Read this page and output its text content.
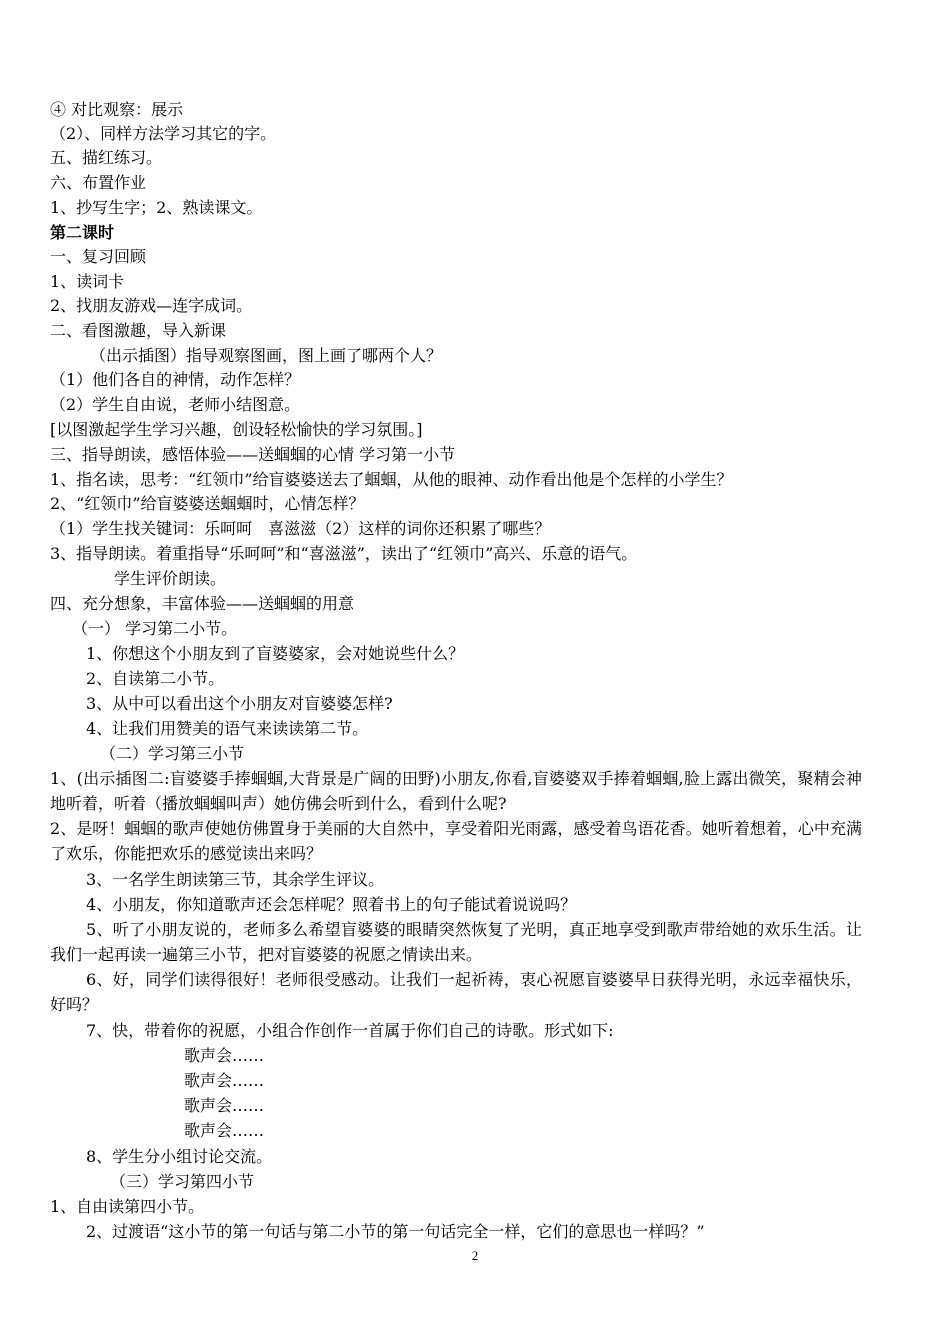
④ 对比观察：展示
（2）、同样方法学习其它的字。
五、描红练习。
六、布置作业
1、抄写生字；2、熟读课文。
第二课时
一、复习回顾
1、读词卡
2、找朋友游戏—连字成词。
二、看图激趣，导入新课
（出示插图）指导观察图画，图上画了哪两个人？
（1）他们各自的神情，动作怎样？
（2）学生自由说，老师小结图意。
[以图激起学生学习兴趣，创设轻松愉快的学习氛围。]
三、指导朗读，感悟体验——送蝈蝈的心情 学习第一小节
1、指名读，思考：“红领巾”给盲婆婆送去了蝈蝈，从他的眼神、动作看出他是个怎样的小学生？
2、“红领巾”给盲婆婆送蝈蝈时，心情怎样？
（1）学生找关键词：乐呵呵　喜滋滋（2）这样的词你还积累了哪些？
3、指导朗读。着重指导“乐呵呵”和“喜滋滋”，读出了“红领巾”高兴、乐意的语气。
学生评价朗读。
四、充分想象，丰富体验——送蝈蝈的用意
（一） 学习第二小节。
1、你想这个小朋友到了盲婆婆家，会对她说些什么？
2、自读第二小节。
3、从中可以看出这个小朋友对盲婆婆怎样?
4、让我们用赞美的语气来读读第二节。
（二）学习第三小节
1、(出示插图二:盲婆婆手捧蝈蝈,大背景是广阔的田野)小朋友,你看,盲婆婆双手捧着蝈蝈,脸上露出微笑，聚精会神地听着，听着（播放蝈蝈叫声）她仿佛会听到什么，看到什么呢?
2、是呀！蝈蝈的歌声使她仿佛置身于美丽的大自然中，享受着阳光雨露，感受着鸟语花香。她听着想着，心中充满了欢乐，你能把欢乐的感觉读出来吗？
3、一名学生朗读第三节，其余学生评议。
4、小朋友，你知道歌声还会怎样呢？照着书上的句子能试着说说吗？
5、听了小朋友说的，老师多么希望盲婆婆的眼睛突然恢复了光明，真正地享受到歌声带给她的欢乐生活。让我们一起再读一遍第三小节，把对盲婆婆的祝愿之情读出来。
6、好，同学们读得很好！老师很受感动。让我们一起祈祷，衷心祝愿盲婆婆早日获得光明，永远幸福快乐，好吗？
7、快，带着你的祝愿，小组合作创作一首属于你们自己的诗歌。形式如下:
歌声会……
歌声会……
歌声会……
歌声会……
8、学生分小组讨论交流。
（三）学习第四小节
1、自由读第四小节。
2、过渡语“这小节的第一句话与第二小节的第一句话完全一样，它们的意思也一样吗？”
2
